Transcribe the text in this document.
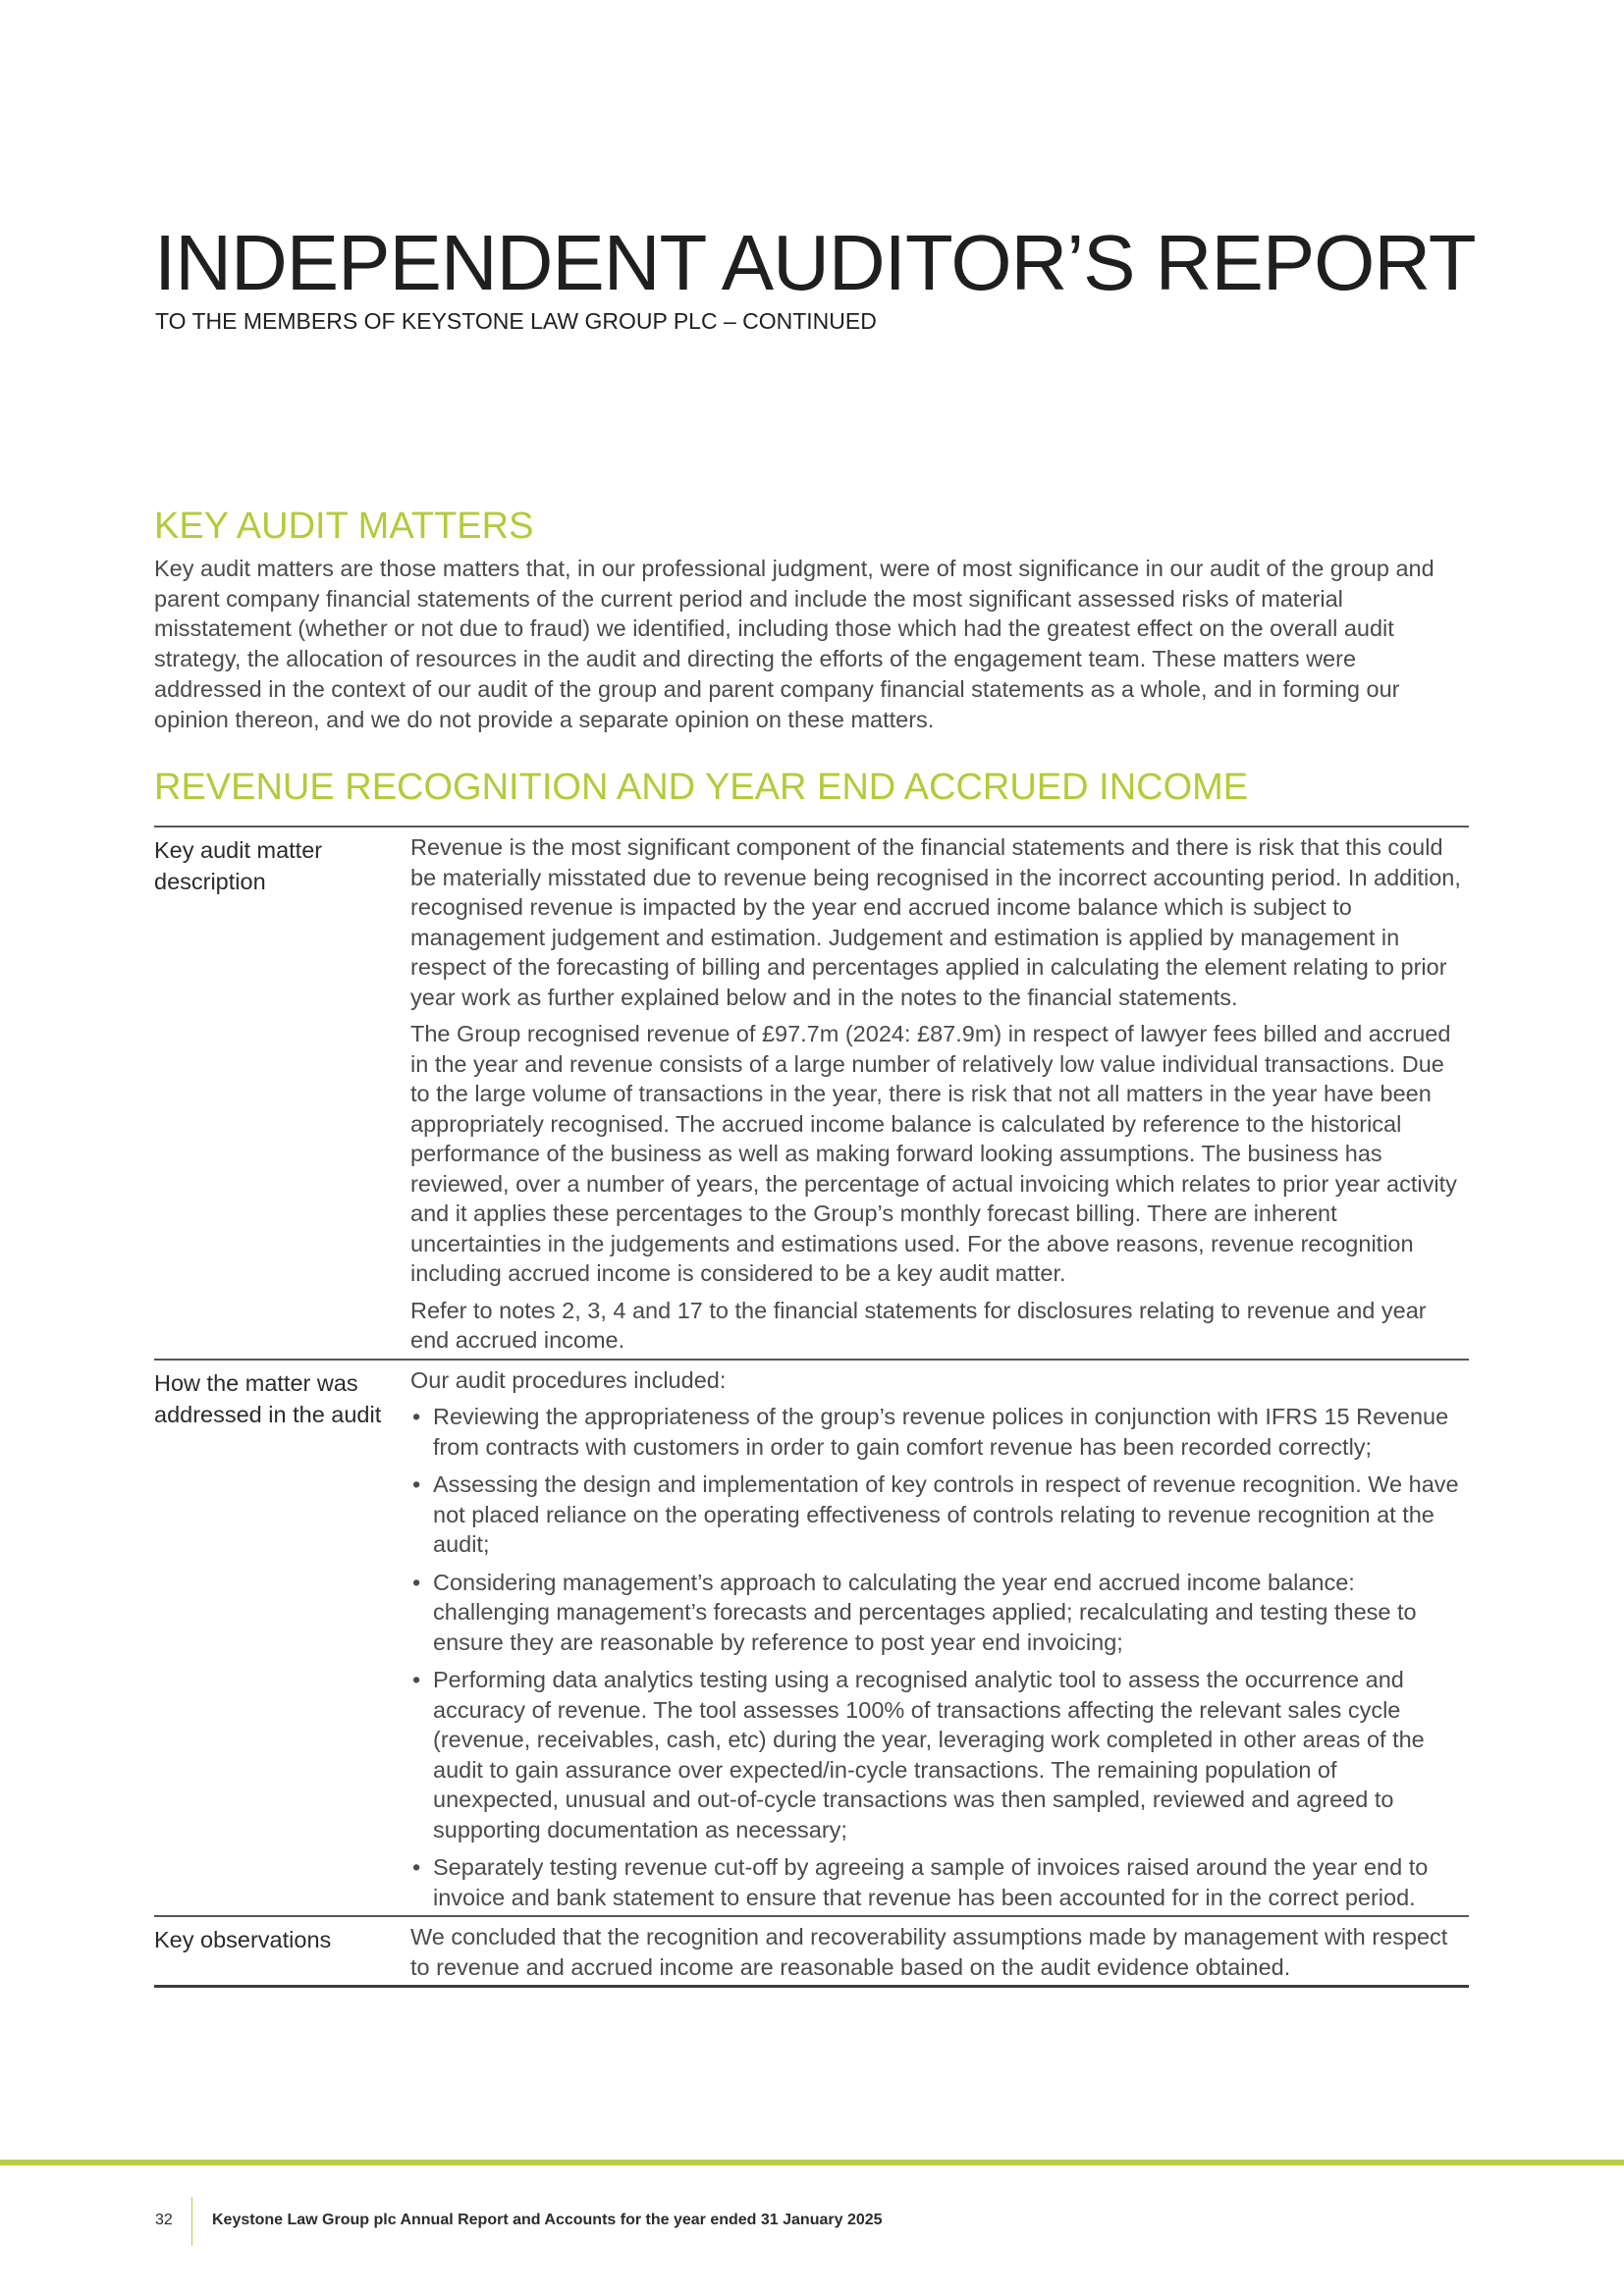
INDEPENDENT AUDITOR’S REPORT
TO THE MEMBERS OF KEYSTONE LAW GROUP PLC – CONTINUED
KEY AUDIT MATTERS

Key audit matters are those matters that, in our professional judgment, were of most significance in our audit of the group and parent company financial statements of the current period and include the most significant assessed risks of material misstatement (whether or not due to fraud) we identified, including those which had the greatest effect on the overall audit strategy, the allocation of resources in the audit and directing the efforts of the engagement team. These matters were addressed in the context of our audit of the group and parent company financial statements as a whole, and in forming our opinion thereon, and we do not provide a separate opinion on these matters.

REVENUE RECOGNITION AND YEAR END ACCRUED INCOME
Key audit matter description

Revenue is the most significant component of the financial statements and there is risk that this could be materially misstated due to revenue being recognised in the incorrect accounting period. In addition, recognised revenue is impacted by the year end accrued income balance which is subject to management judgement and estimation. Judgement and estimation is applied by management in respect of the forecasting of billing and percentages applied in calculating the element relating to prior year work as further explained below and in the notes to the financial statements.

The Group recognised revenue of £97.7m (2024: £87.9m) in respect of lawyer fees billed and accrued in the year and revenue consists of a large number of relatively low value individual transactions. Due to the large volume of transactions in the year, there is risk that not all matters in the year have been appropriately recognised. The accrued income balance is calculated by reference to the historical performance of the business as well as making forward looking assumptions. The business has reviewed, over a number of years, the percentage of actual invoicing which relates to prior year activity and it applies these percentages to the Group’s monthly forecast billing. There are inherent uncertainties in the judgements and estimations used. For the above reasons, revenue recognition including accrued income is considered to be a key audit matter.

Refer to notes 2, 3, 4 and 17 to the financial statements for disclosures relating to revenue and year end accrued income.

How the matter was addressed in the audit

Our audit procedures included:

• Reviewing the appropriateness of the group’s revenue polices in conjunction with IFRS 15 Revenue from contracts with customers in order to gain comfort revenue has been recorded correctly;
• Assessing the design and implementation of key controls in respect of revenue recognition. We have not placed reliance on the operating effectiveness of controls relating to revenue recognition at the audit;
• Considering management’s approach to calculating the year end accrued income balance: challenging management’s forecasts and percentages applied; recalculating and testing these to ensure they are reasonable by reference to post year end invoicing;
• Performing data analytics testing using a recognised analytic tool to assess the occurrence and accuracy of revenue. The tool assesses 100% of transactions affecting the relevant sales cycle (revenue, receivables, cash, etc) during the year, leveraging work completed in other areas of the audit to gain assurance over expected/in-cycle transactions. The remaining population of unexpected, unusual and out-of-cycle transactions was then sampled, reviewed and agreed to supporting documentation as necessary;
• Separately testing revenue cut-off by agreeing a sample of invoices raised around the year end to invoice and bank statement to ensure that revenue has been accounted for in the correct period.
Key observations	We concluded that the recognition and recoverability assumptions made by management with respect to revenue and accrued income are reasonable based on the audit evidence obtained.

32	Keystone Law Group plc Annual Report and Accounts for the year ended 31 January 2025
